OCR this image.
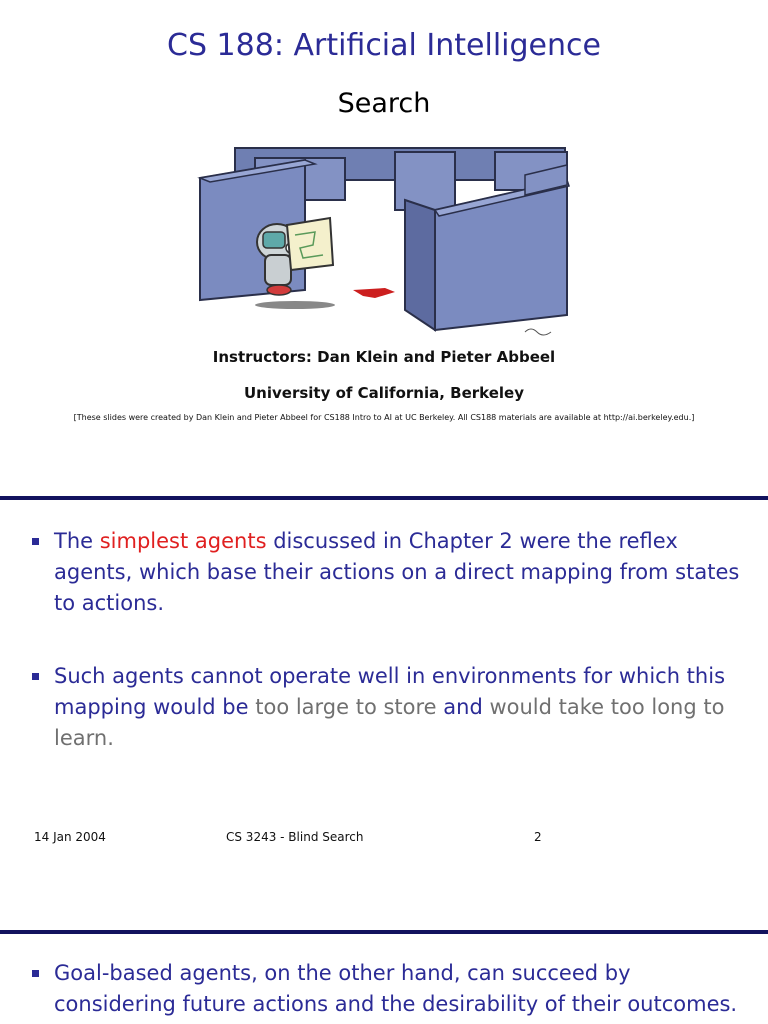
CS 188: Artificial Intelligence
Search
Instructors: Dan Klein and Pieter Abbeel
University of California, Berkeley
[These slides were created by Dan Klein and Pieter Abbeel for CS188 Intro to AI at UC Berkeley. All CS188 materials are available at http://ai.berkeley.edu.]
The simplest agents discussed in Chapter 2 were the reflex agents, which base their actions on a direct mapping from states to actions.
Such agents cannot operate well in environments for which this mapping would be too large to store and would take too long to learn.
14 Jan 2004	CS 3243 - Blind Search	2
Goal-based agents, on the other hand, can succeed by considering future actions and the desirability of their outcomes.
